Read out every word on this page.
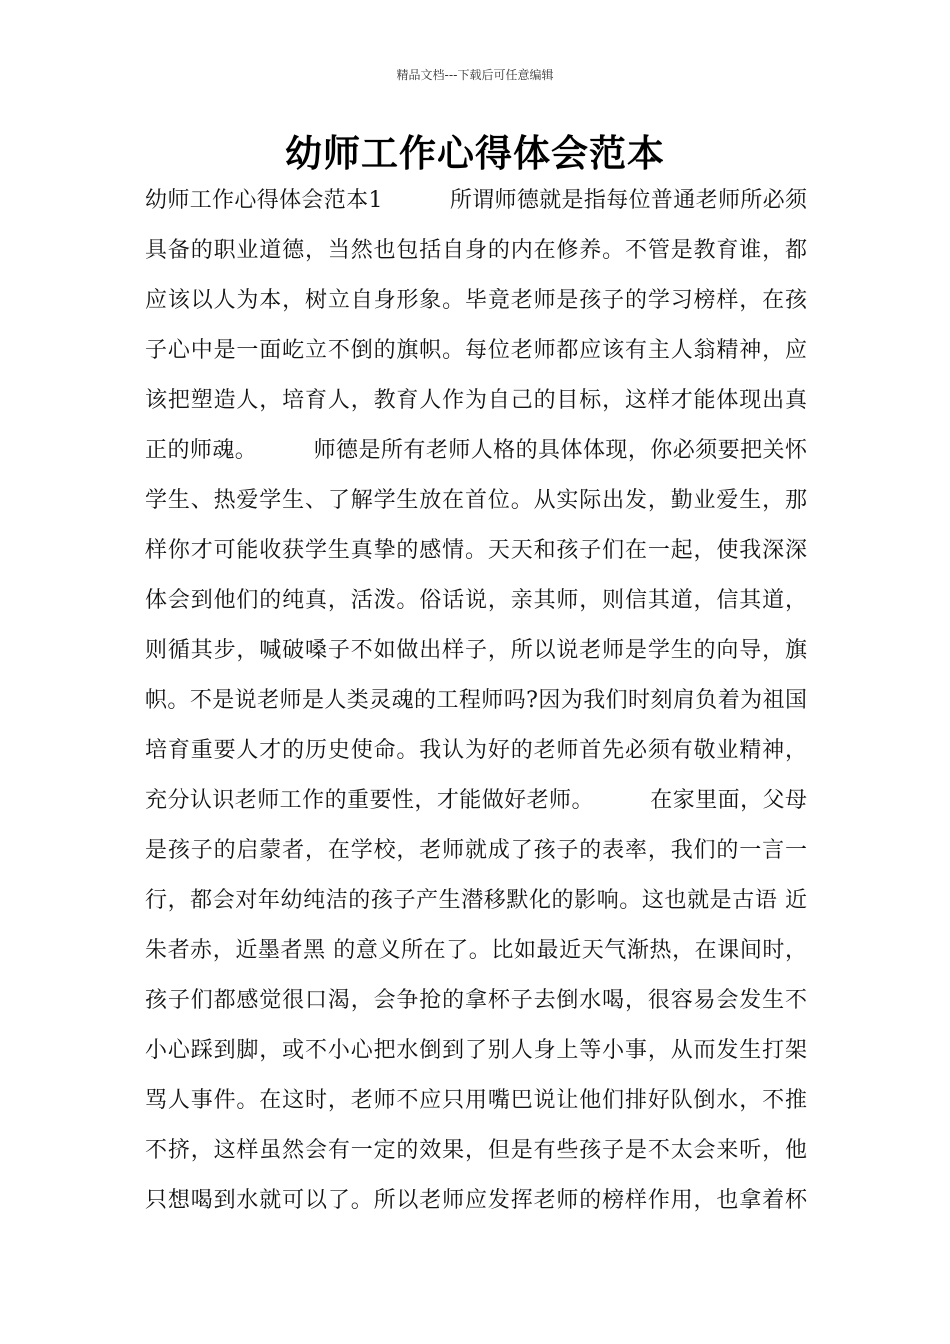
精品文档---下载后可任意编辑
幼师工作心得体会范本
幼师工作心得体会范本1　　　所谓师德就是指每位普通老师所必须
具备的职业道德，当然也包括自身的内在修养。不管是教育谁，都
应该以人为本，树立自身形象。毕竟老师是孩子的学习榜样，在孩
子心中是一面屹立不倒的旗帜。每位老师都应该有主人翁精神，应
该把塑造人，培育人，教育人作为自己的目标，这样才能体现出真
正的师魂。　　　师德是所有老师人格的具体体现，你必须要把关怀
学生、热爱学生、了解学生放在首位。从实际出发，勤业爱生，那
样你才可能收获学生真挚的感情。天天和孩子们在一起，使我深深
体会到他们的纯真，活泼。俗话说，亲其师，则信其道，信其道，
则循其步，喊破嗓子不如做出样子，所以说老师是学生的向导，旗
帜。不是说老师是人类灵魂的工程师吗?因为我们时刻肩负着为祖国
培育重要人才的历史使命。我认为好的老师首先必须有敬业精神，
充分认识老师工作的重要性，才能做好老师。　　　在家里面，父母
是孩子的启蒙者，在学校，老师就成了孩子的表率，我们的一言一
行，都会对年幼纯洁的孩子产生潜移默化的影响。这也就是古语 近
朱者赤，近墨者黑 的意义所在了。比如最近天气渐热，在课间时，
孩子们都感觉很口渴，会争抢的拿杯子去倒水喝，很容易会发生不
小心踩到脚，或不小心把水倒到了别人身上等小事，从而发生打架
骂人事件。在这时，老师不应只用嘴巴说让他们排好队倒水，不推
不挤，这样虽然会有一定的效果，但是有些孩子是不太会来听，他
只想喝到水就可以了。所以老师应发挥老师的榜样作用，也拿着杯
